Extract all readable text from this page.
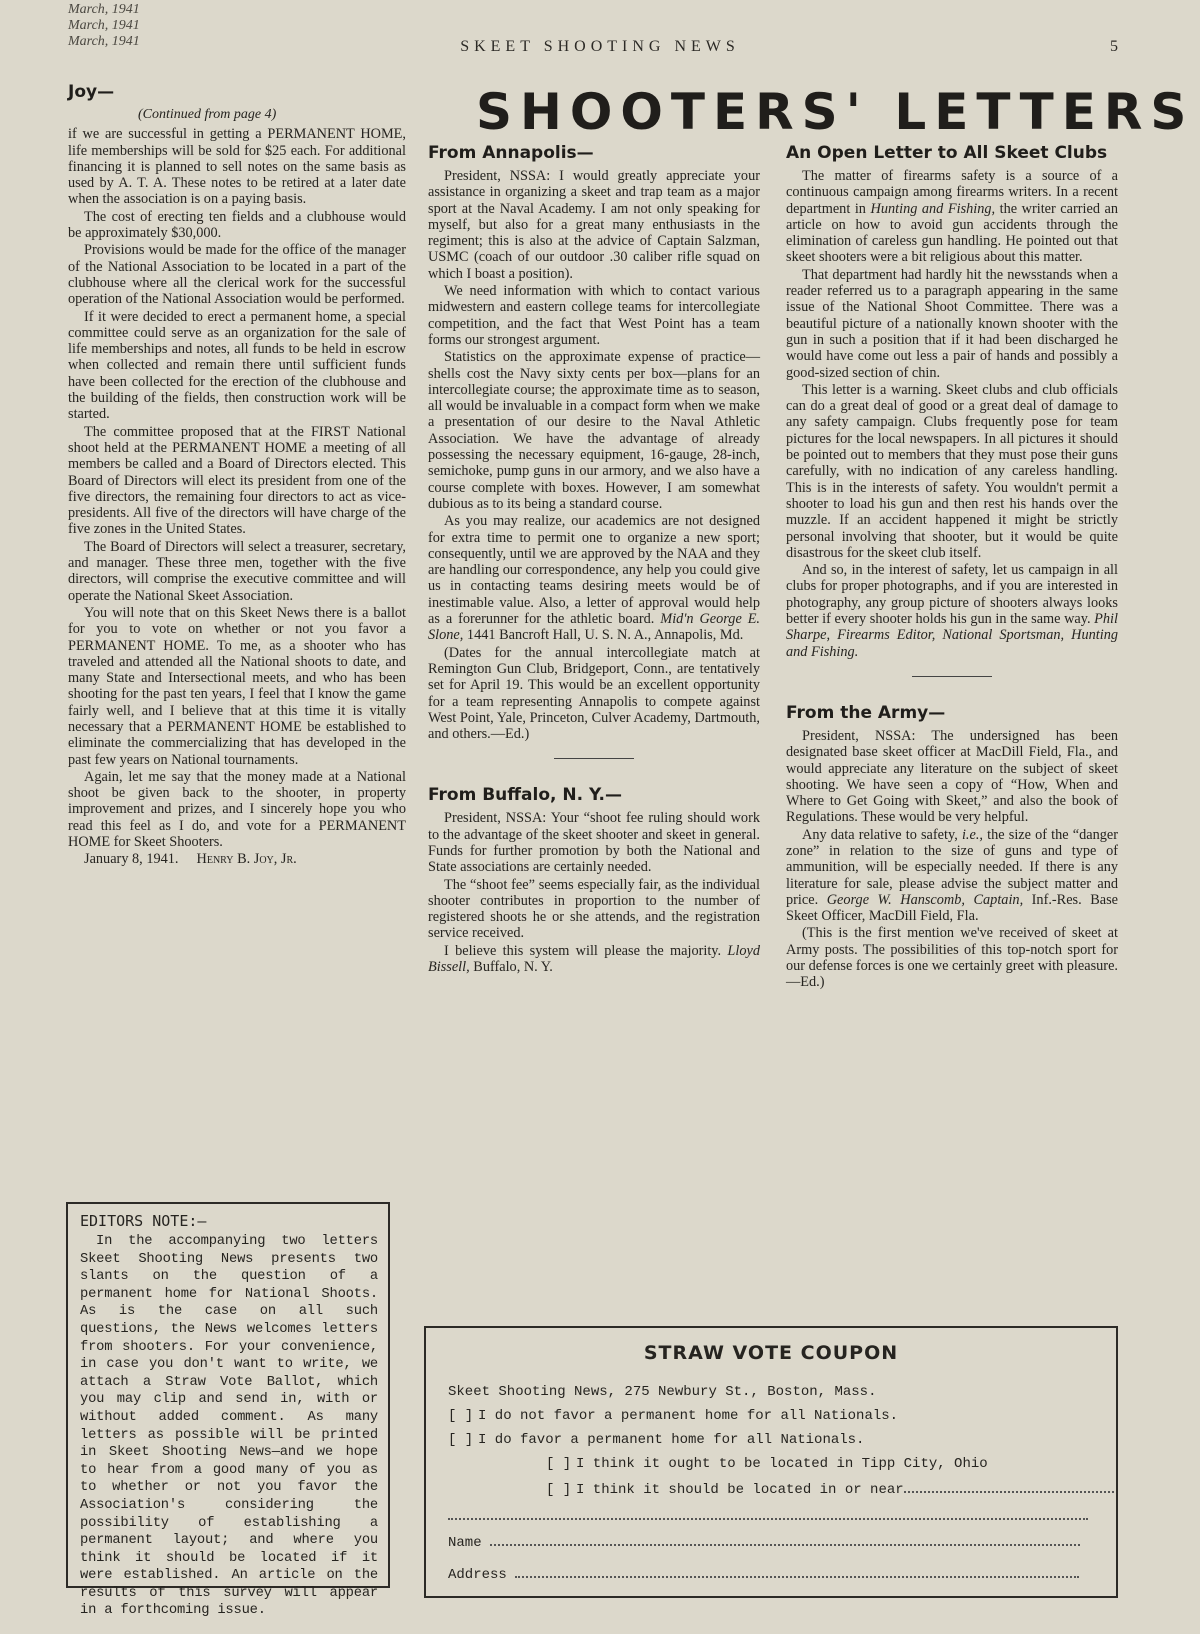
March, 1941
March, 1941
March, 1941	SKEET SHOOTING NEWS	5
SHOOTERS' LETTERS
Joy—
(Continued from page 4)

if we are successful in getting a PERMANENT HOME, life memberships will be sold for $25 each. For additional financing it is planned to sell notes on the same basis as used by A. T. A. These notes to be retired at a later date when the association is on a paying basis.

The cost of erecting ten fields and a clubhouse would be approximately $30,000.

Provisions would be made for the office of the manager of the National Association to be located in a part of the clubhouse where all the clerical work for the successful operation of the National Association would be performed.

If it were decided to erect a permanent home, a special committee could serve as an organization for the sale of life memberships and notes, all funds to be held in escrow when collected and remain there until sufficient funds have been collected for the erection of the clubhouse and the building of the fields, then construction work will be started.

The committee proposed that at the FIRST National shoot held at the PERMANENT HOME a meeting of all members be called and a Board of Directors elected. This Board of Directors will elect its president from one of the five directors, the remaining four directors to act as vice-presidents. All five of the directors will have charge of the five zones in the United States.

The Board of Directors will select a treasurer, secretary, and manager. These three men, together with the five directors, will comprise the executive committee and will operate the National Skeet Association.

You will note that on this Skeet News there is a ballot for you to vote on whether or not you favor a PERMANENT HOME. To me, as a shooter who has traveled and attended all the National shoots to date, and many State and Intersectional meets, and who has been shooting for the past ten years, I feel that I know the game fairly well, and I believe that at this time it is vitally necessary that a PERMANENT HOME be established to eliminate the commercializing that has developed in the past few years on National tournaments.

Again, let me say that the money made at a National shoot be given back to the shooter, in property improvement and prizes, and I sincerely hope you who read this feel as I do, and vote for a PERMANENT HOME for Skeet Shooters.

January 8, 1941. Henry B. Joy, Jr.

EDITORS NOTE:—

In the accompanying two letters Skeet Shooting News presents two slants on the question of a permanent home for National Shoots. As is the case on all such questions, the News welcomes letters from shooters. For your convenience, in case you don't want to write, we attach a Straw Vote Ballot, which you may clip and send in, with or without added comment. As many letters as possible will be printed in Skeet Shooting News—and we hope to hear from a good many of you as to whether or not you favor the Association's considering the possibility of establishing a permanent layout; and where you think it should be located if it were established. An article on the results of this survey will appear in a forthcoming issue.

From Annapolis—

President, NSSA: I would greatly appreciate your assistance in organizing a skeet and trap team as a major sport at the Naval Academy. I am not only speaking for myself, but also for a great many enthusiasts in the regiment; this is also at the advice of Captain Salzman, USMC (coach of our outdoor .30 caliber rifle squad on which I boast a position).

We need information with which to contact various midwestern and eastern college teams for intercollegiate competition, and the fact that West Point has a team forms our strongest argument.

Statistics on the approximate expense of practice—shells cost the Navy sixty cents per box—plans for an intercollegiate course; the approximate time as to season, all would be invaluable in a compact form when we make a presentation of our desire to the Naval Athletic Association. We have the advantage of already possessing the necessary equipment, 16-gauge, 28-inch, semichoke, pump guns in our armory, and we also have a course complete with boxes. However, I am somewhat dubious as to its being a standard course.

As you may realize, our academics are not designed for extra time to permit one to organize a new sport; consequently, until we are approved by the NAA and they are handling our correspondence, any help you could give us in contacting teams desiring meets would be of inestimable value. Also, a letter of approval would help as a forerunner for the athletic board. Mid'n George E. Slone, 1441 Bancroft Hall, U. S. N. A., Annapolis, Md.

(Dates for the annual intercollegiate match at Remington Gun Club, Bridgeport, Conn., are tentatively set for April 19. This would be an excellent opportunity for a team representing Annapolis to compete against West Point, Yale, Princeton, Culver Academy, Dartmouth, and others.—Ed.)

From Buffalo, N. Y.—

President, NSSA: Your “shoot fee ruling should work to the advantage of the skeet shooter and skeet in general. Funds for further promotion by both the National and State associations are certainly needed.

The “shoot fee” seems especially fair, as the individual shooter contributes in proportion to the number of registered shoots he or she attends, and the registration service received.

I believe this system will please the majority. Lloyd Bissell, Buffalo, N. Y.

An Open Letter to All Skeet Clubs

The matter of firearms safety is a source of a continuous campaign among firearms writers. In a recent department in Hunting and Fishing, the writer carried an article on how to avoid gun accidents through the elimination of careless gun handling. He pointed out that skeet shooters were a bit religious about this matter.

That department had hardly hit the newsstands when a reader referred us to a paragraph appearing in the same issue of the National Shoot Committee. There was a beautiful picture of a nationally known shooter with the gun in such a position that if it had been discharged he would have come out less a pair of hands and possibly a good-sized section of chin.

This letter is a warning. Skeet clubs and club officials can do a great deal of good or a great deal of damage to any safety campaign. Clubs frequently pose for team pictures for the local newspapers. In all pictures it should be pointed out to members that they must pose their guns carefully, with no indication of any careless handling. This is in the interests of safety. You wouldn't permit a shooter to load his gun and then rest his hands over the muzzle. If an accident happened it might be strictly personal involving that shooter, but it would be quite disastrous for the skeet club itself.

And so, in the interest of safety, let us campaign in all clubs for proper photographs, and if you are interested in photography, any group picture of shooters always looks better if every shooter holds his gun in the same way. Phil Sharpe, Firearms Editor, National Sportsman, Hunting and Fishing.

From the Army—

President, NSSA: The undersigned has been designated base skeet officer at MacDill Field, Fla., and would appreciate any literature on the subject of skeet shooting. We have seen a copy of “How, When and Where to Get Going with Skeet,” and also the book of Regulations. These would be very helpful.

Any data relative to safety, i.e., the size of the “danger zone” in relation to the size of guns and type of ammunition, will be especially needed. If there is any literature for sale, please advise the subject matter and price. George W. Hanscomb, Captain, Inf.-Res. Base Skeet Officer, MacDill Field, Fla.

(This is the first mention we've received of skeet at Army posts. The possibilities of this top-notch sport for our defense forces is one we certainly greet with pleasure.—Ed.)

STRAW VOTE COUPON
Skeet Shooting News, 275 Newbury St., Boston, Mass.
[ ] I do not favor a permanent home for all Nationals.
[ ] I do favor a permanent home for all Nationals.
[ ] I think it ought to be located in Tipp City, Ohio
[ ] I think it should be located in or near
Name
Address
